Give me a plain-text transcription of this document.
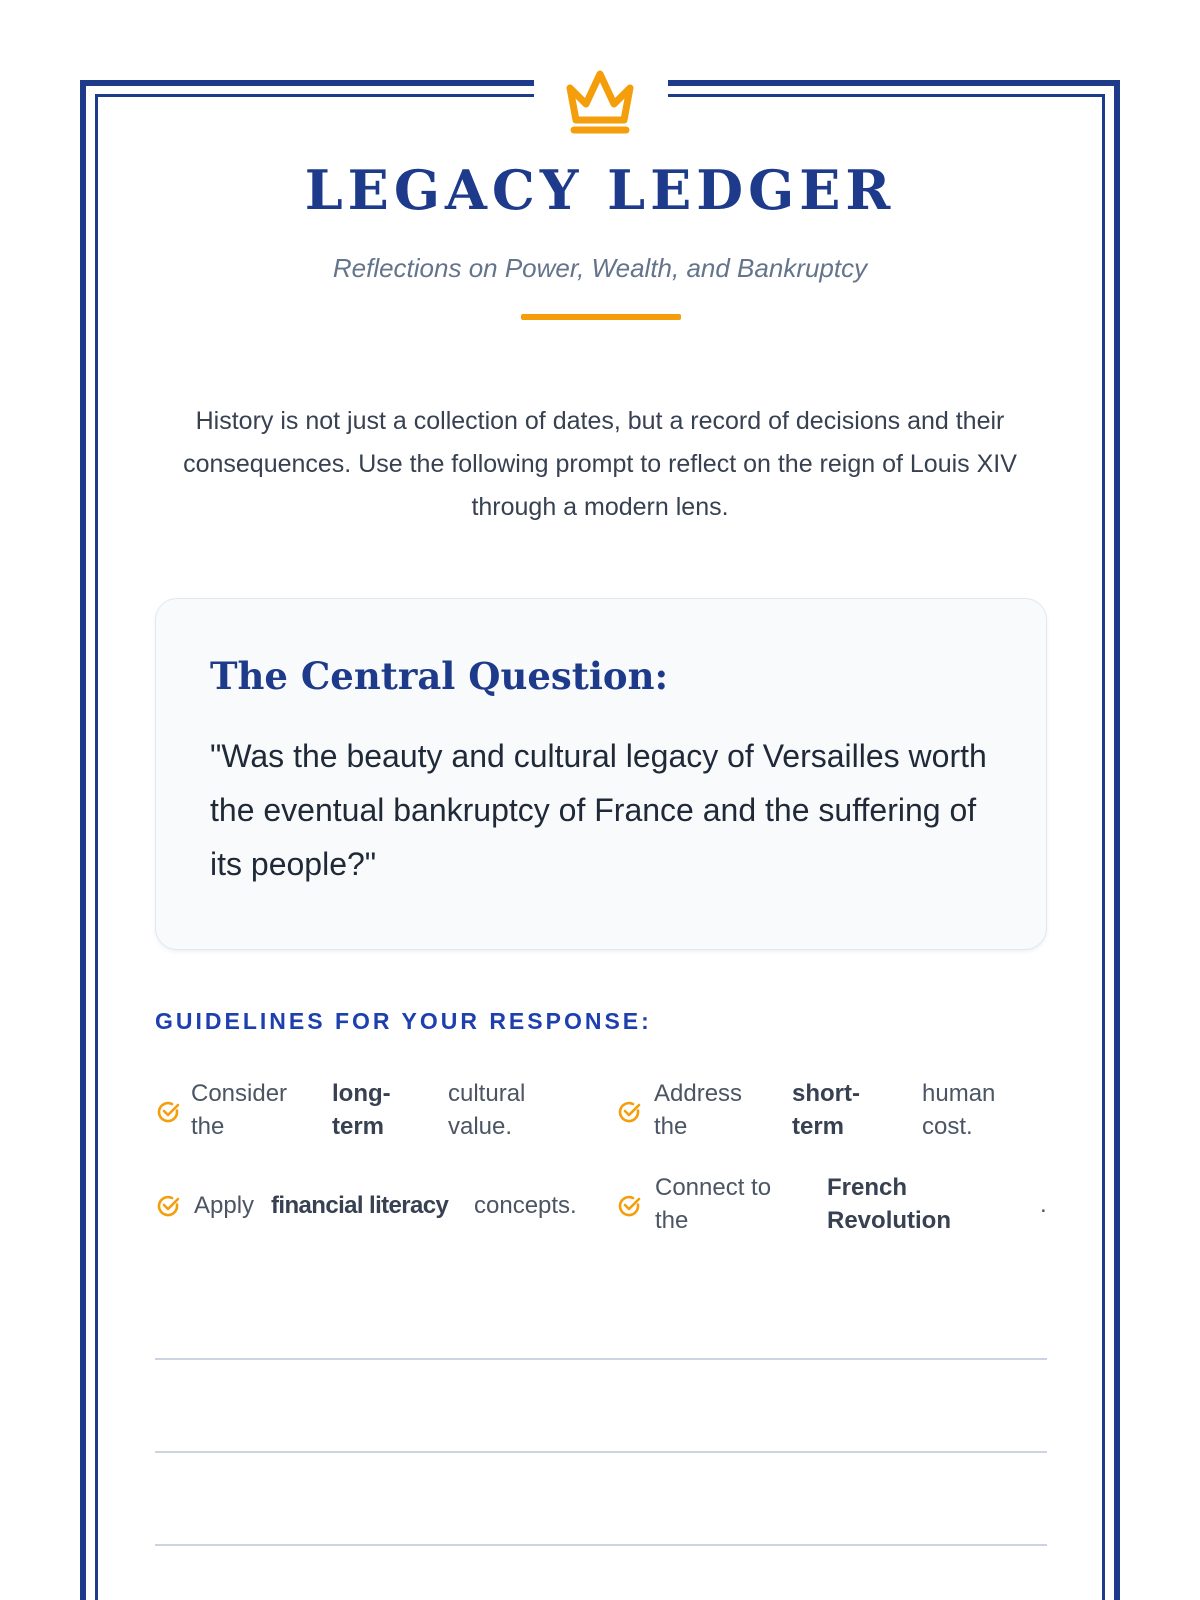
LEGACY LEDGER
Reflections on Power, Wealth, and Bankruptcy

History is not just a collection of dates, but a record of decisions and their consequences. Use the following prompt to reflect on the reign of Louis XIV through a modern lens.

The Central Question:

"Was the beauty and cultural legacy of Versailles worth the eventual bankruptcy of France and the suffering of its people?"

GUIDELINES FOR YOUR RESPONSE:
Consider the
long-term
cultural value.
Address the
short-term
human cost.
Apply financial literacy concepts.
Connect to the
French Revolution
.
